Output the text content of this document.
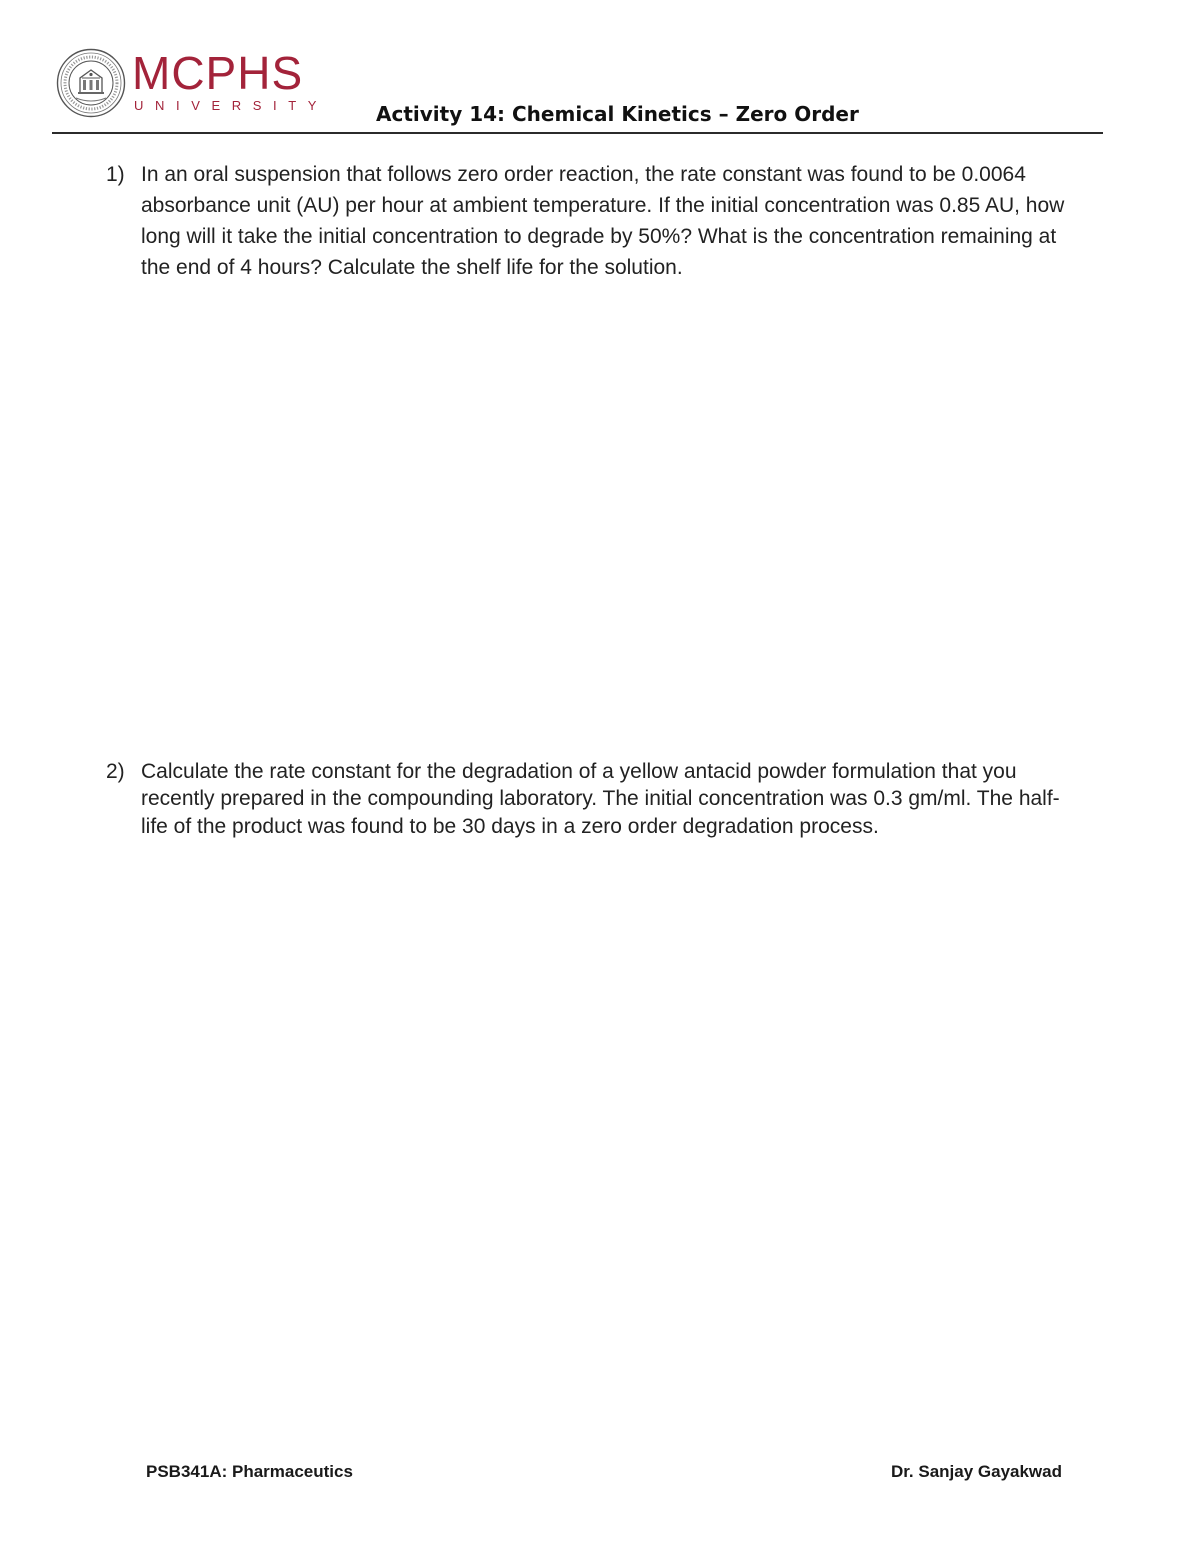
MCPHS
UNIVERSITY Activity 14: Chemical Kinetics – Zero Order
1) In an oral suspension that follows zero order reaction, the rate constant was found to be 0.0064 absorbance unit (AU) per hour at ambient temperature. If the initial concentration was 0.85 AU, how long will it take the initial concentration to degrade by 50%? What is the concentration remaining at the end of 4 hours? Calculate the shelf life for the solution.
2) Calculate the rate constant for the degradation of a yellow antacid powder formulation that you recently prepared in the compounding laboratory. The initial concentration was 0.3 gm/ml. The half-life of the product was found to be 30 days in a zero order degradation process.
PSB341A: Pharmaceutics	Dr. Sanjay Gayakwad
